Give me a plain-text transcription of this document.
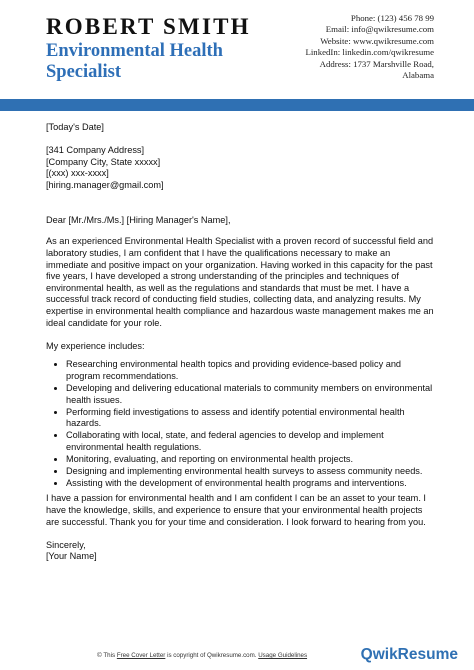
ROBERT SMITH
Environmental Health Specialist
Phone: (123) 456 78 99
Email: info@qwikresume.com
Website: www.qwikresume.com
LinkedIn: linkedin.com/qwikresume
Address: 1737 Marshville Road,
Alabama

[Today's Date]

[341 Company Address]

[Company City, State xxxxx]

[(xxx) xxx-xxxx]

[hiring.manager@gmail.com]

Dear [Mr./Mrs./Ms.] [Hiring Manager's Name],

As an experienced Environmental Health Specialist with a proven record of successful field and laboratory studies, I am confident that I have the qualifications necessary to make an immediate and positive impact on your organization. Having worked in this capacity for the past five years, I have developed a strong understanding of the principles and techniques of environmental health, as well as the regulations and standards that must be met. I have a successful track record of conducting field studies, collecting data, and analyzing results. My expertise in environmental health compliance and hazardous waste management makes me an ideal candidate for your role.

My experience includes:

• Researching environmental health topics and providing evidence-based policy and program recommendations.
• Developing and delivering educational materials to community members on environmental health issues.
• Performing field investigations to assess and identify potential environmental health hazards.
• Collaborating with local, state, and federal agencies to develop and implement environmental health regulations.
• Monitoring, evaluating, and reporting on environmental health projects.
• Designing and implementing environmental health surveys to assess community needs.
• Assisting with the development of environmental health programs and interventions.

I have a passion for environmental health and I am confident I can be an asset to your team. I have the knowledge, skills, and experience to ensure that your environmental health projects are successful. Thank you for your time and consideration. I look forward to hearing from you.

Sincerely,

[Your Name]

© This Free Cover Letter is copyright of Qwikresume.com. Usage Guidelines	QwikResume
